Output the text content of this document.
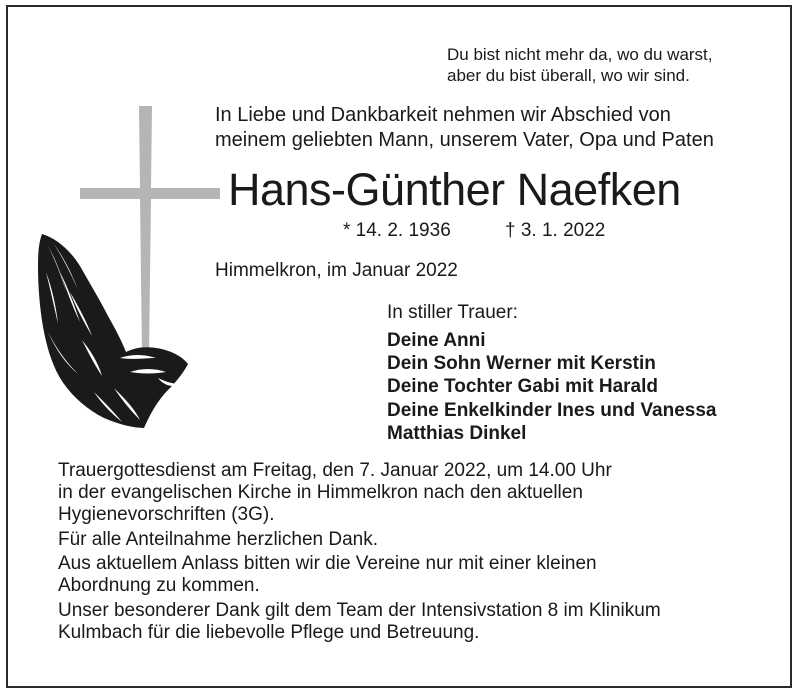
Du bist nicht mehr da, wo du warst,
aber du bist überall, wo wir sind.

In Liebe und Dankbarkeit nehmen wir Abschied von
meinem geliebten Mann, unserem Vater, Opa und Paten

Hans-Günther Naefken
* 14. 2. 1936	† 3. 1. 2022
Himmelkron, im Januar 2022
In stiller Trauer:
Deine Anni
Dein Sohn Werner mit Kerstin
Deine Tochter Gabi mit Harald
Deine Enkelkinder Ines und Vanessa
Matthias Dinkel

Trauergottesdienst am Freitag, den 7. Januar 2022, um 14.00 Uhr
in der evangelischen Kirche in Himmelkron nach den aktuellen
Hygienevorschriften (3G).

Für alle Anteilnahme herzlichen Dank.

Aus aktuellem Anlass bitten wir die Vereine nur mit einer kleinen
Abordnung zu kommen.

Unser besonderer Dank gilt dem Team der Intensivstation 8 im Klinikum
Kulmbach für die liebevolle Pflege und Betreuung.
